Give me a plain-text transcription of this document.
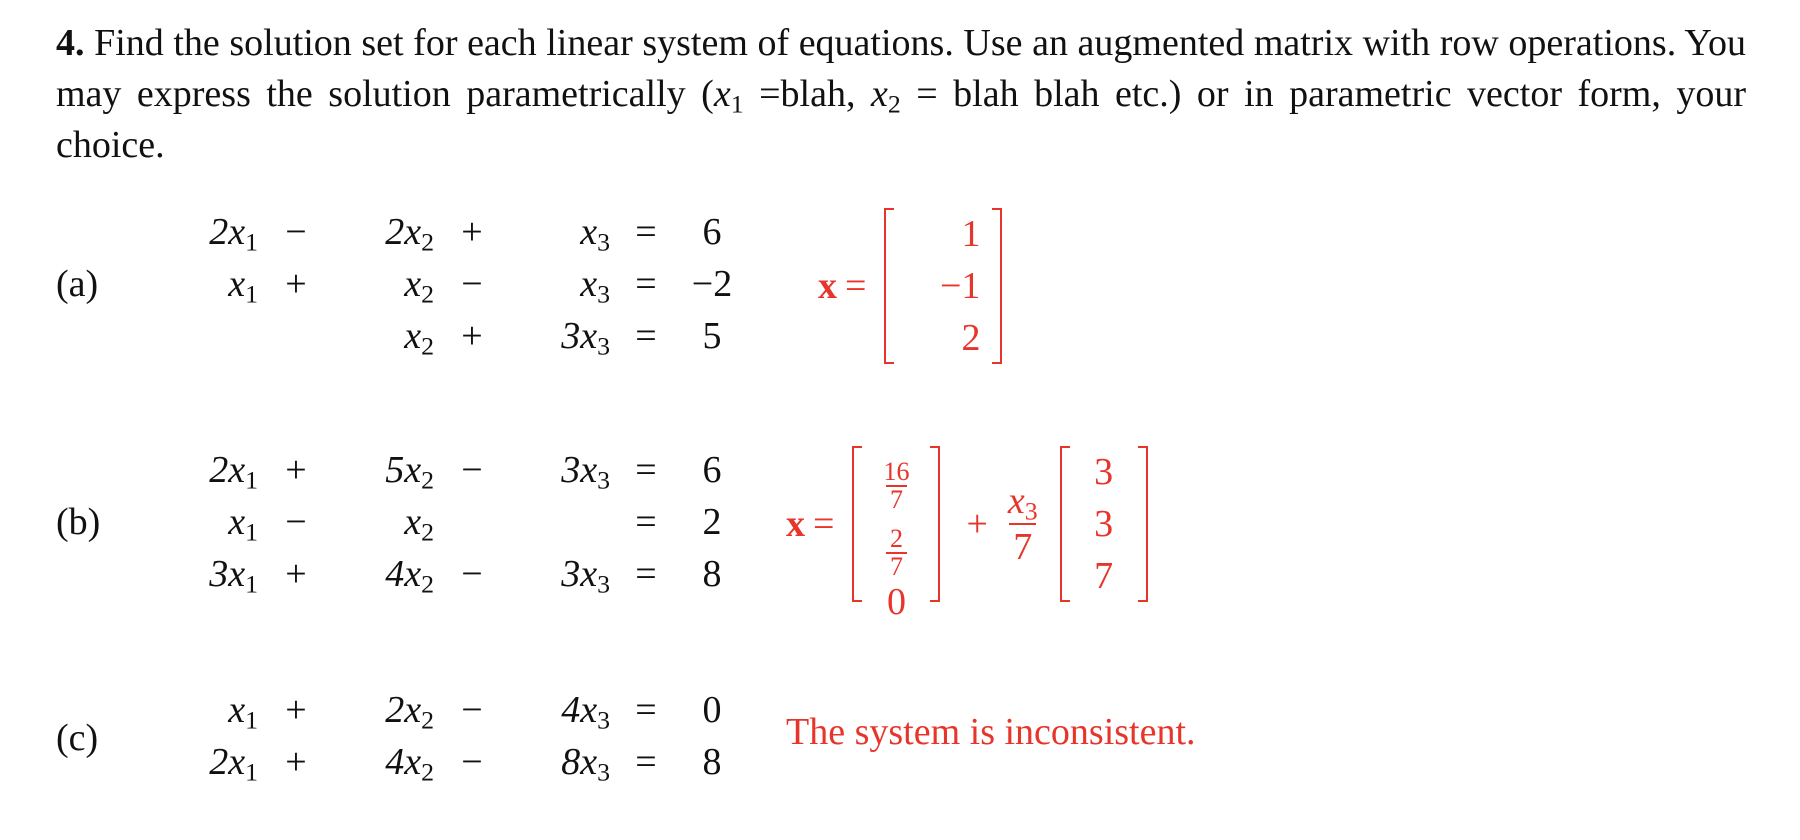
4. Find the solution set for each linear system of equations. Use an augmented matrix with row operations. You may express the solution parametrically ($x_1$ =blah, $x_2$ = blah blah etc.) or in parametric vector form, your choice.
(a)
$2x_1$	−	$2x_2$	+	$x_3$	=	6
$x_1$	+	$x_2$	−	$x_3$	=	−2
		$x_2$	+	$3x_3$	=	5
x =
1
−1
2
(b)
$2x_1$	+	$5x_2$	−	$3x_3$	=	6
$x_1$	−	$x_2$			=	2
$3x_1$	+	$4x_2$	−	$3x_3$	=	8
x =
$\frac{16}{7}$
$\frac{2}{7}$
0
+ $\frac{x_3}{7}$
3
3
7
(c)
$x_1$	+	$2x_2$	−	$4x_3$	=	0
$2x_1$	+	$4x_2$	−	$8x_3$	=	8
The system is inconsistent.
